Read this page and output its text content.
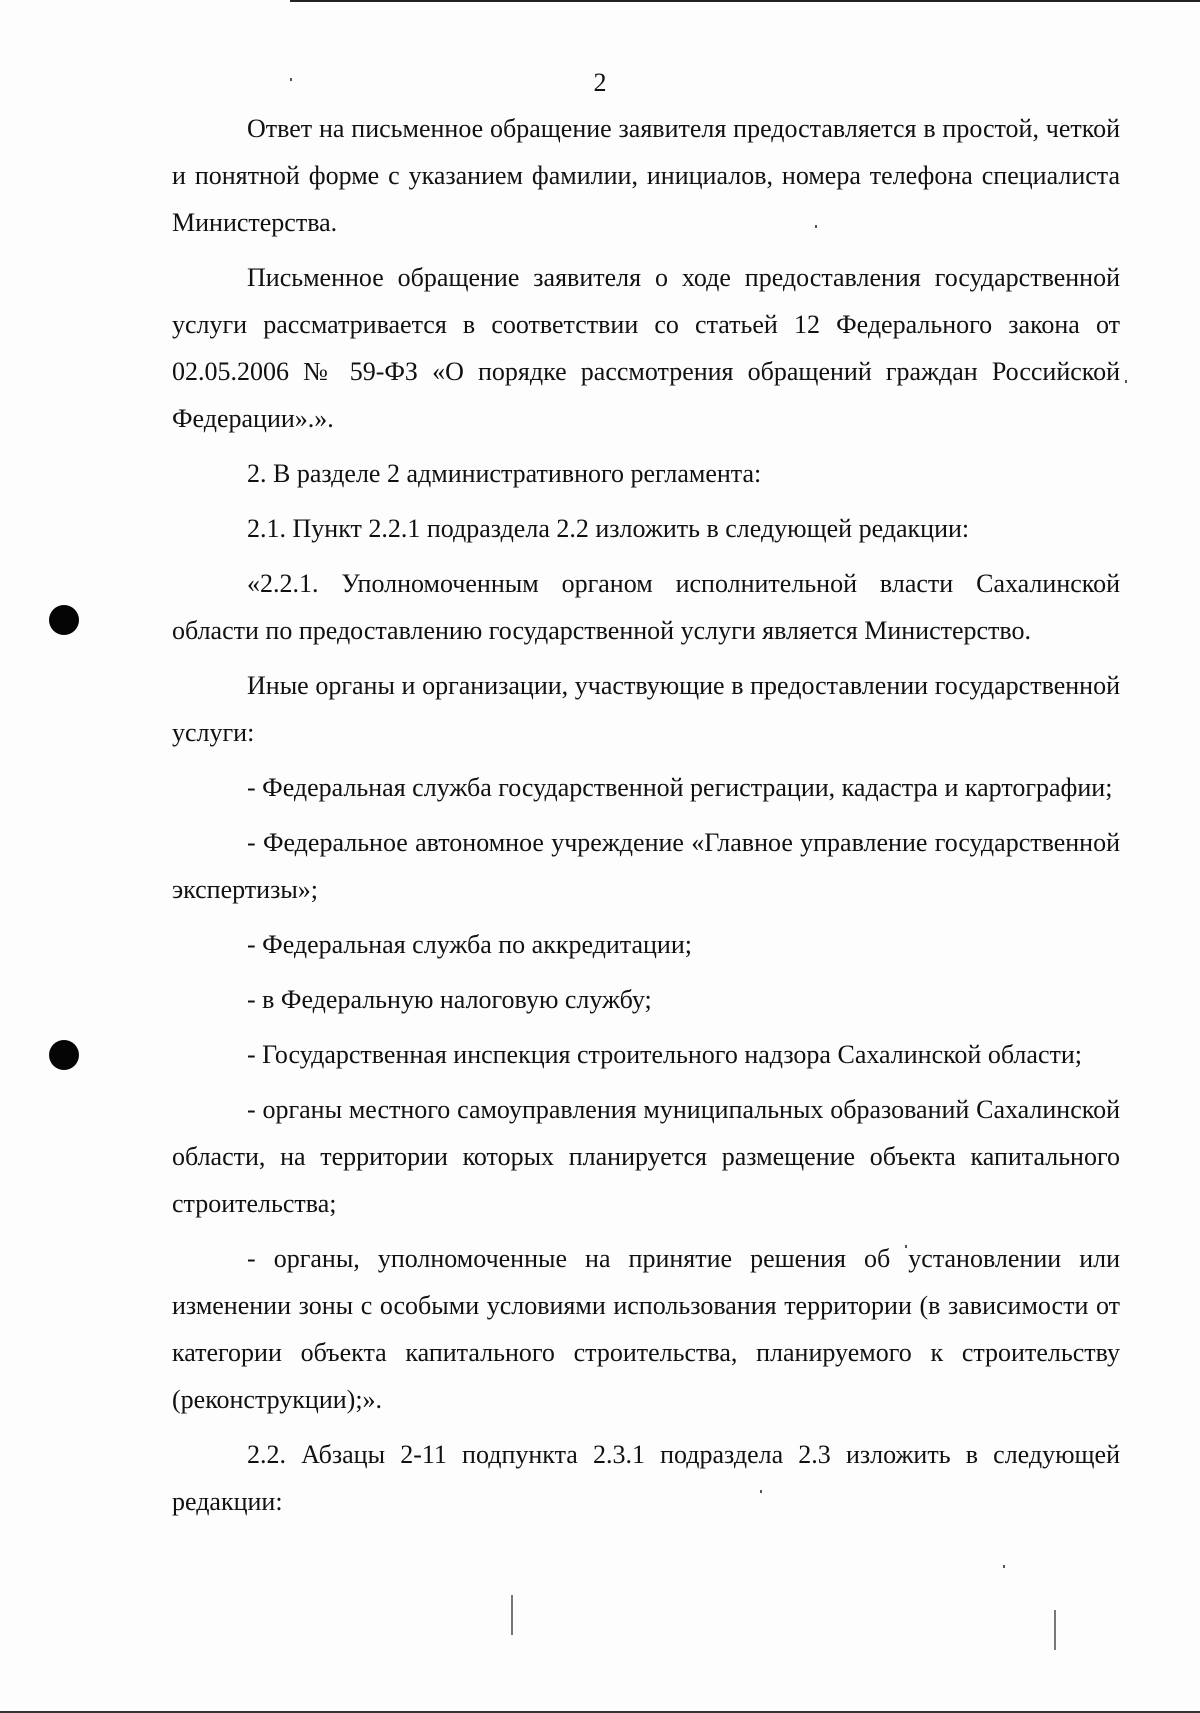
2

Ответ на письменное обращение заявителя предоставляется в простой, четкой и понятной форме с указанием фамилии, инициалов, номера телефона специалиста Министерства.

Письменное обращение заявителя о ходе предоставления государственной услуги рассматривается в соответствии со статьей 12 Федерального закона от 02.05.2006 № 59-ФЗ «О порядке рассмотрения обращений граждан Российской Федерации».».

2. В разделе 2 административного регламента:

2.1. Пункт 2.2.1 подраздела 2.2 изложить в следующей редакции:

«2.2.1. Уполномоченным органом исполнительной власти Сахалинской области по предоставлению государственной услуги является Министерство.

Иные органы и организации, участвующие в предоставлении государственной услуги:

- Федеральная служба государственной регистрации, кадастра и картографии;

- Федеральное автономное учреждение «Главное управление государственной экспертизы»;

- Федеральная служба по аккредитации;

- в Федеральную налоговую службу;

- Государственная инспекция строительного надзора Сахалинской области;

- органы местного самоуправления муниципальных образований Сахалинской области, на территории которых планируется размещение объекта капитального строительства;

- органы, уполномоченные на принятие решения об установлении или изменении зоны с особыми условиями использования территории (в зависимости от категории объекта капитального строительства, планируемого к строительству (реконструкции);».

2.2. Абзацы 2-11 подпункта 2.3.1 подраздела 2.3 изложить в следующей редакции:
